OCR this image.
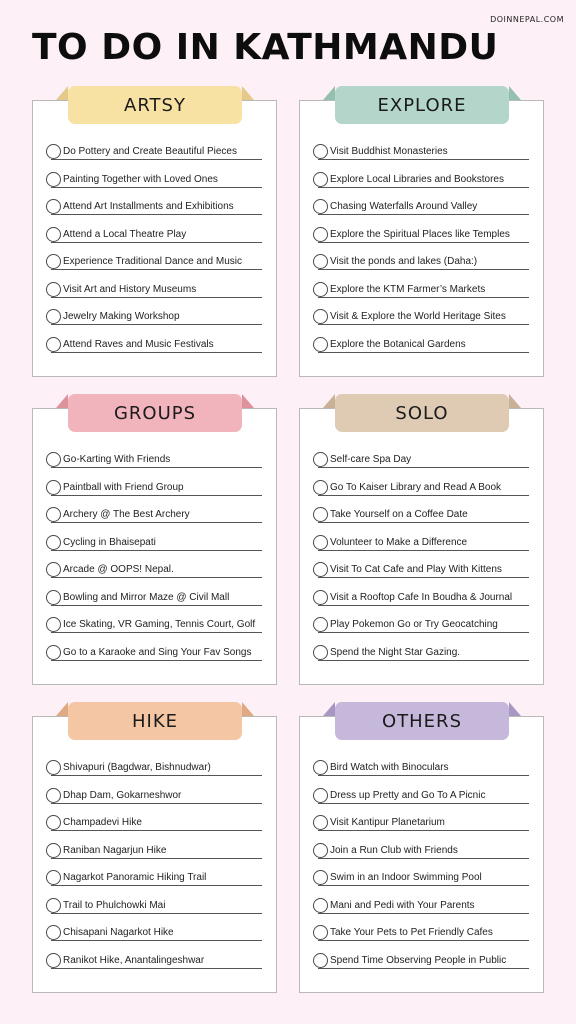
DOINNEPAL.COM
TO DO IN KATHMANDU
ARTSY
Do Pottery and Create Beautiful Pieces
Painting Together with Loved Ones
Attend Art Installments and Exhibitions
Attend a Local Theatre Play
Experience Traditional Dance and Music
Visit Art and History Museums
Jewelry Making Workshop
Attend Raves and Music Festivals
EXPLORE
Visit Buddhist Monasteries
Explore Local Libraries and Bookstores
Chasing Waterfalls Around Valley
Explore the Spiritual Places like Temples
Visit the ponds and lakes (Daha:)
Explore the KTM Farmer’s Markets
Visit & Explore the World Heritage Sites
Explore the Botanical Gardens
GROUPS
Go-Karting With Friends
Paintball with Friend Group
Archery @ The Best Archery
Cycling in Bhaisepati
Arcade @ OOPS! Nepal.
Bowling and Mirror Maze @ Civil Mall
Ice Skating, VR Gaming, Tennis Court, Golf
Go to a Karaoke and Sing Your Fav Songs
SOLO
Self-care Spa Day
Go To Kaiser Library and Read A Book
Take Yourself on a Coffee Date
Volunteer to Make a Difference
Visit To Cat Cafe and Play With Kittens
Visit a Rooftop Cafe In Boudha & Journal
Play Pokemon Go or Try Geocatching
Spend the Night Star Gazing.
HIKE
Shivapuri (Bagdwar, Bishnudwar)
Dhap Dam, Gokarneshwor
Champadevi Hike
Raniban Nagarjun Hike
Nagarkot Panoramic Hiking Trail
Trail to Phulchowki Mai
Chisapani Nagarkot Hike
Ranikot Hike, Anantalingeshwar
OTHERS
Bird Watch with Binoculars
Dress up Pretty and Go To A Picnic
Visit Kantipur Planetarium
Join a Run Club with Friends
Swim in an Indoor Swimming Pool
Mani and Pedi with Your Parents
Take Your Pets to Pet Friendly Cafes
Spend Time Observing People in Public
